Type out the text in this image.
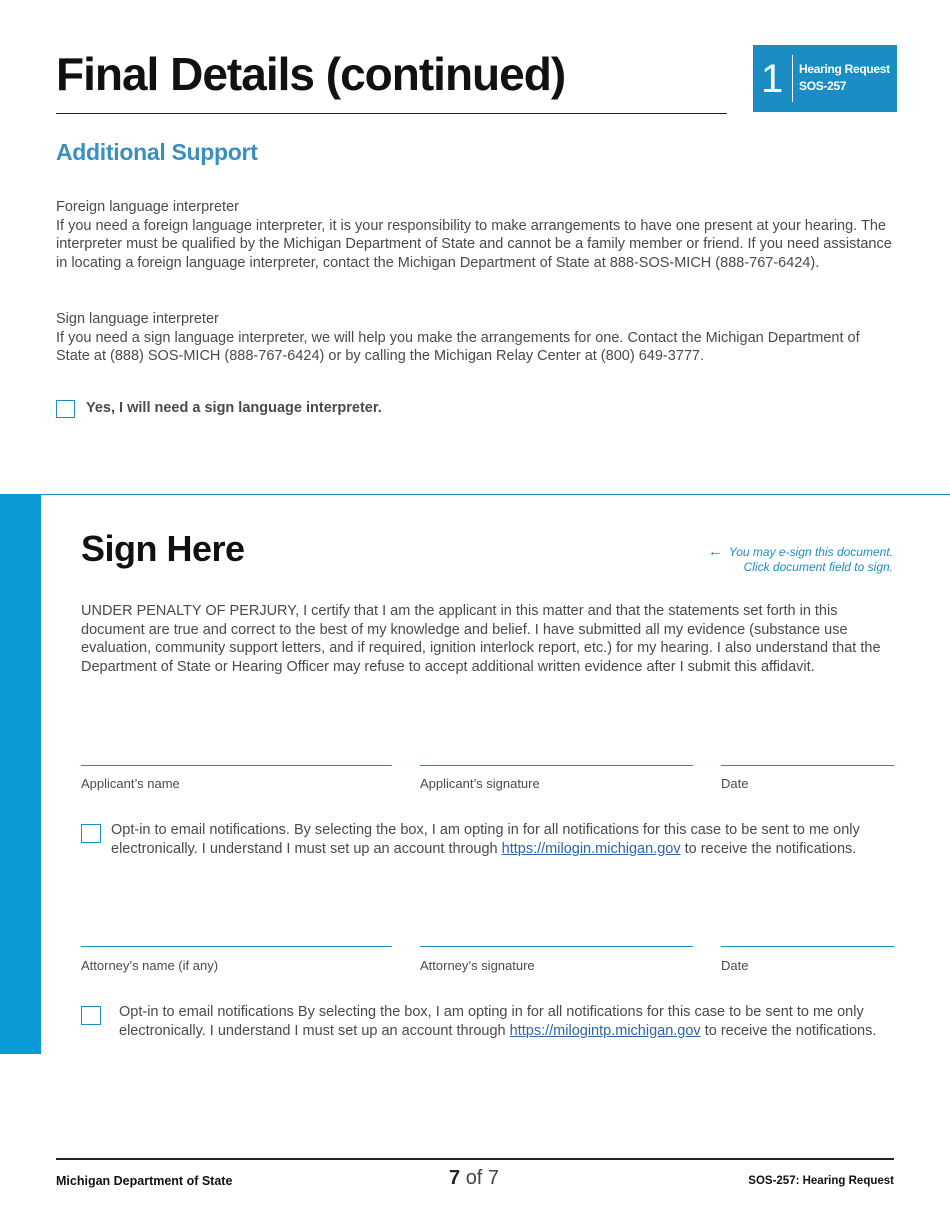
Final Details (continued)	1 Hearing Request
SOS-257
Additional Support
Foreign language interpreter
If you need a foreign language interpreter, it is your responsibility to make arrangements to have one present at your hearing. The interpreter must be qualified by the Michigan Department of State and cannot be a family member or friend. If you need assistance in locating a foreign language interpreter, contact the Michigan Department of State at 888-SOS-MICH (888-767-6424).
Sign language interpreter
If you need a sign language interpreter, we will help you make the arrangements for one. Contact the Michigan Department of State at (888) SOS-MICH (888-767-6424) or by calling the Michigan Relay Center at (800) 649-3777.
Yes, I will need a sign language interpreter.
Sign Here	← You may e-sign this document.
Click document field to sign.
UNDER PENALTY OF PERJURY, I certify that I am the applicant in this matter and that the statements set forth in this document are true and correct to the best of my knowledge and belief. I have submitted all my evidence (substance use evaluation, community support letters, and if required, ignition interlock report, etc.) for my hearing. I also understand that the Department of State or Hearing Officer may refuse to accept additional written evidence after I submit this affidavit.
Applicant’s name	Applicant’s signature	Date
Opt-in to email notifications. By selecting the box, I am opting in for all notifications for this case to be sent to me only electronically. I understand I must set up an account through https://milogin.michigan.gov to receive the notifications.
Attorney’s name (if any)	Attorney’s signature	Date
Opt-in to email notifications By selecting the box, I am opting in for all notifications for this case to be sent to me only electronically. I understand I must set up an account through https://milogintp.michigan.gov to receive the notifications.
Michigan Department of State	7 of 7	SOS-257: Hearing Request
